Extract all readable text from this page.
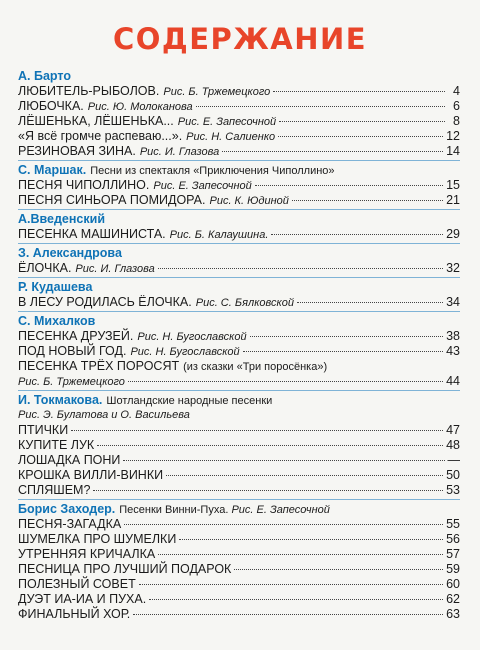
СОДЕРЖАНИЕ
А. Барто
ЛЮБИТЕЛЬ-РЫБОЛОВ. Рис. Б. Тржемецкого	4
ЛЮБОЧКА. Рис. Ю. Молоканова	6
ЛЁШЕНЬКА, ЛЁШЕНЬКА... Рис. Е. Запесочной	8
«Я всё громче распеваю...». Рис. Н. Салиенко	12
РЕЗИНОВАЯ ЗИНА. Рис. И. Глазова	14
С. Маршак. Песни из спектакля «Приключения Чиполлино»
ПЕСНЯ ЧИПОЛЛИНО. Рис. Е. Запесочной	15
ПЕСНЯ СИНЬОРА ПОМИДОРА. Рис. К. Юдиной	21
А.Введенский
ПЕСЕНКА МАШИНИСТА. Рис. Б. Калаушина.	29
З. Александрова
ЁЛОЧКА. Рис. И. Глазова	32
Р. Кудашева
В ЛЕСУ РОДИЛАСЬ ЁЛОЧКА. Рис. С. Бялковской	34
С. Михалков
ПЕСЕНКА ДРУЗЕЙ. Рис. Н. Бугославской	38
ПОД НОВЫЙ ГОД. Рис. Н. Бугославской	43
ПЕСЕНКА ТРЁХ ПОРОСЯТ (из сказки «Три поросёнка»)
Рис. Б. Тржемецкого	44
И. Токмакова. Шотландские народные песенки
Рис. Э. Булатова и О. Васильева
ПТИЧКИ	47
КУПИТЕ ЛУК	48
ЛОШАДКА ПОНИ	—
КРОШКА ВИЛЛИ-ВИНКИ	50
СПЛЯШЕМ?	53
Борис Заходер. Песенки Винни-Пуха. Рис. Е. Запесочной
ПЕСНЯ-ЗАГАДКА	55
ШУМЕЛКА ПРО ШУМЕЛКИ	56
УТРЕННЯЯ КРИЧАЛКА	57
ПЕСНИЦА ПРО ЛУЧШИЙ ПОДАРОК	59
ПОЛЕЗНЫЙ СОВЕТ	60
ДУЭТ ИА-ИА И ПУХА.	62
ФИНАЛЬНЫЙ ХОР.	63
